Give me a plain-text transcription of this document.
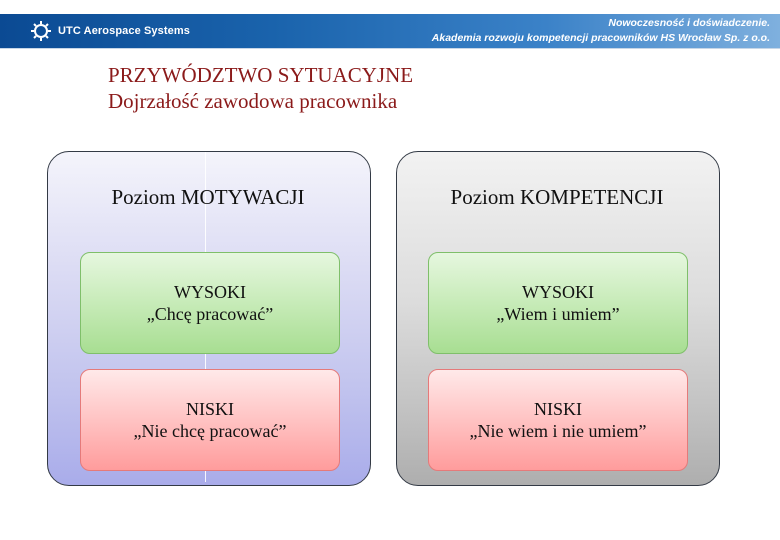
UTC Aerospace Systems
Nowoczesność i doświadczenie.
Akademia rozwoju kompetencji pracowników HS Wrocław Sp. z o.o.
PRZYWÓDZTWO SYTUACYJNE
Dojrzałość zawodowa pracownika
Poziom MOTYWACJI	Poziom KOMPETENCJI
WYSOKI
„Chcę pracować”
WYSOKI
„Wiem i umiem”
NISKI
„Nie chcę pracować”
NISKI
„Nie wiem i nie umiem”
